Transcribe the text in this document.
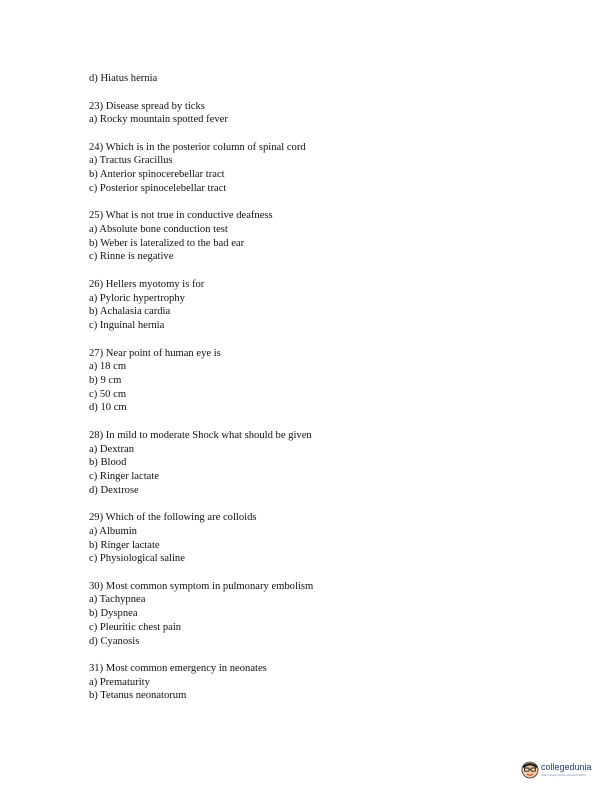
d) Hiatus hernia
23) Disease spread by ticks
a) Rocky mountain spotted fever
24) Which is in the posterior column of spinal cord
a) Tractus Gracillus
b) Anterior spinocerebellar tract
c) Posterior spinocelebellar tract
25) What is not true in conductive deafness
a) Absolute bone conduction test
b) Weber is lateralized to the bad ear
c) Rinne is negative
26) Hellers myotomy is for
a) Pyloric hypertrophy
b) Achalasia cardia
c) Inguinal hernia
27) Near point of human eye is
a) 18 cm
b) 9 cm
c) 50 cm
d) 10 cm
28) In mild to moderate Shock what should be given
a) Dextran
b) Blood
c) Ringer lactate
d) Dextrose
29) Which of the following are colloids
a) Albumin
b) Ringer lactate
c) Physiological saline
30) Most common symptom in pulmonary embolism
a) Tachypnea
b) Dyspnea
c) Pleuritic chest pain
d) Cyanosis
31) Most common emergency in neonates
a) Prematurity
b) Tetanus neonatorum
collegedunia
India's largest Student Review Platform
